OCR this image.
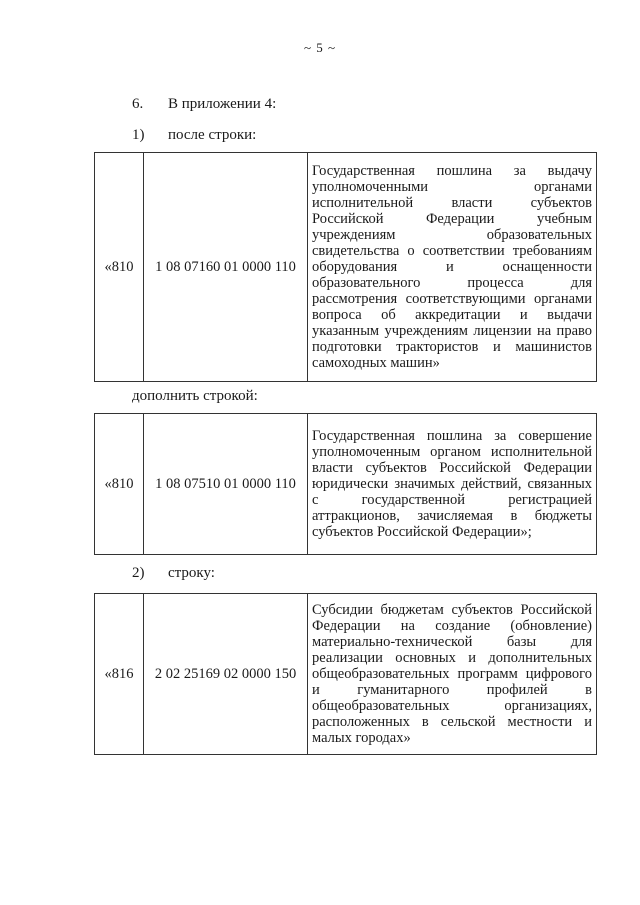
~ 5 ~
6. В приложении 4:
1) после строки:
«810	1 08 07160 01 0000 110	Государственная пошлина за выдачу уполномоченными органами исполнительной власти субъектов Российской Федерации учебным учреждениям образовательных свидетельства о соответствии требованиям оборудования и оснащенности образовательного процесса для рассмотрения соответствующими органами вопроса об аккредитации и выдачи указанным учреждениям лицензии на право подготовки трактористов и машинистов самоходных машин»
дополнить строкой:
«810	1 08 07510 01 0000 110	Государственная пошлина за совершение уполномоченным органом исполнительной власти субъектов Российской Федерации юридически значимых действий, связанных с государственной регистрацией аттракционов, зачисляемая в бюджеты субъектов Российской Федерации»;
2) строку:
«816	2 02 25169 02 0000 150	Субсидии бюджетам субъектов Российской Федерации на создание (обновление) материально-технической базы для реализации основных и дополнительных общеобразовательных программ цифрового и гуманитарного профилей в общеобразовательных организациях, расположенных в сельской местности и малых городах»
